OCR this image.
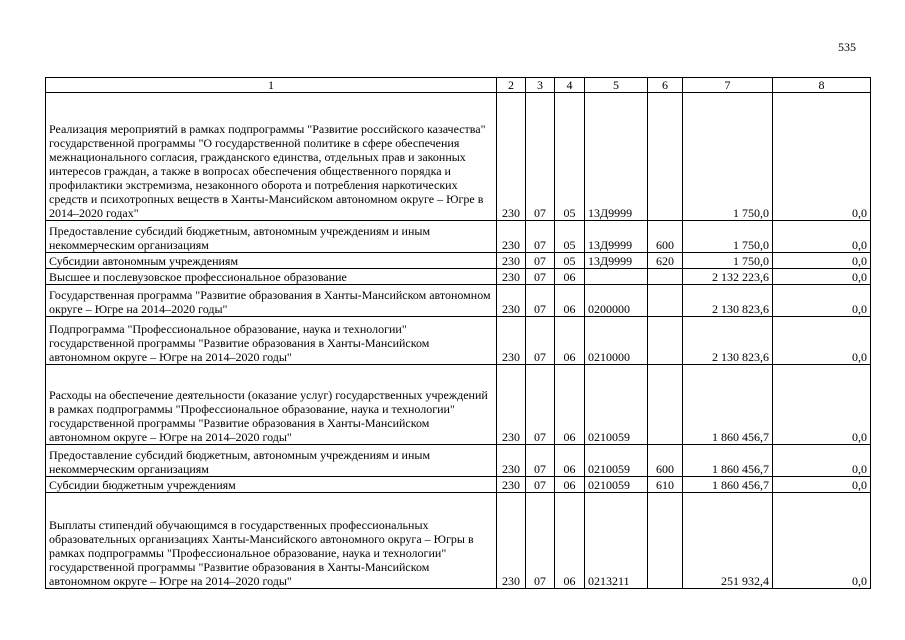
535
1	2	3	4	5	6	7	8
Реализация мероприятий в рамках подпрограммы "Развитие российского казачества" государственной программы "О государственной политике в сфере обеспечения межнационального согласия, гражданского единства, отдельных прав и законных интересов граждан, а также в вопросах обеспечения общественного порядка и профилактики экстремизма, незаконного оборота и потребления наркотических средств и психотропных веществ в Ханты-Мансийском автономном округе – Югре в 2014–2020 годах"	230	07	05	13Д9999		1 750,0	0,0
Предоставление субсидий бюджетным, автономным учреждениям и иным некоммерческим организациям	230	07	05	13Д9999	600	1 750,0	0,0
Субсидии автономным учреждениям	230	07	05	13Д9999	620	1 750,0	0,0
Высшее и послевузовское профессиональное образование	230	07	06			2 132 223,6	0,0
Государственная программа "Развитие образования в Ханты-Мансийском автономном округе – Югре на 2014–2020 годы"	230	07	06	0200000		2 130 823,6	0,0
Подпрограмма "Профессиональное образование, наука и технологии" государственной программы "Развитие образования в Ханты-Мансийском автономном округе – Югре на 2014–2020 годы"	230	07	06	0210000		2 130 823,6	0,0
Расходы на обеспечение деятельности (оказание услуг) государственных учреждений в рамках подпрограммы "Профессиональное образование, наука и технологии" государственной программы "Развитие образования в Ханты-Мансийском автономном округе – Югре на 2014–2020 годы"	230	07	06	0210059		1 860 456,7	0,0
Предоставление субсидий бюджетным, автономным учреждениям и иным некоммерческим организациям	230	07	06	0210059	600	1 860 456,7	0,0
Субсидии бюджетным учреждениям	230	07	06	0210059	610	1 860 456,7	0,0
Выплаты стипендий обучающимся в государственных профессиональных образовательных организациях Ханты-Мансийского автономного округа – Югры в рамках подпрограммы "Профессиональное образование, наука и технологии" государственной программы "Развитие образования в Ханты-Мансийском автономном округе – Югре на 2014–2020 годы"	230	07	06	0213211		251 932,4	0,0
